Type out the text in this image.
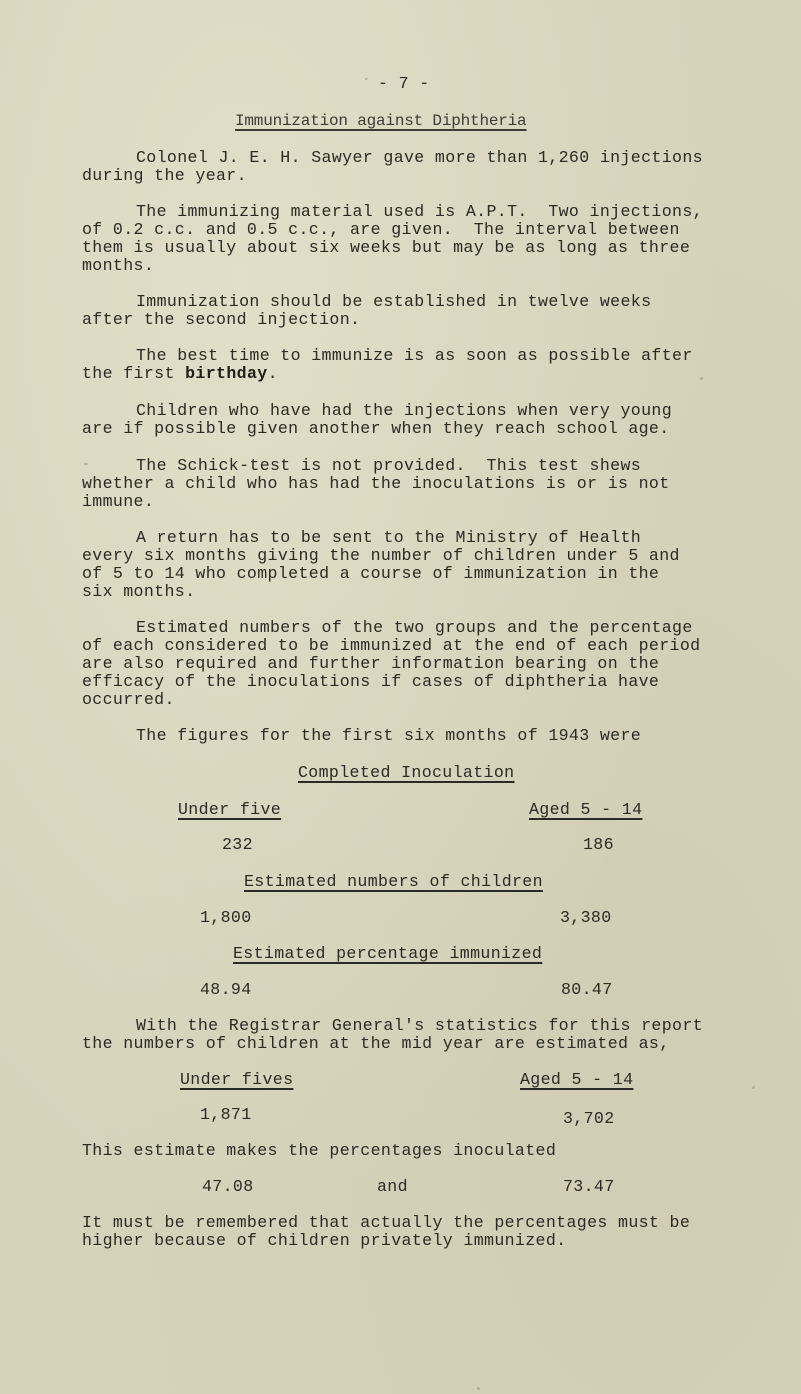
- 7 -
Immunization against Diphtheria
Colonel J. E. H. Sawyer gave more than 1,260 injections
during the year.
The immunizing material used is A.P.T.  Two injections,
of 0.2 c.c. and 0.5 c.c., are given.  The interval between
them is usually about six weeks but may be as long as three
months.
Immunization should be established in twelve weeks
after the second injection.
The best time to immunize is as soon as possible after
the first birthday.
Children who have had the injections when very young
are if possible given another when they reach school age.
The Schick-test is not provided.  This test shews
whether a child who has had the inoculations is or is not
immune.
A return has to be sent to the Ministry of Health
every six months giving the number of children under 5 and
of 5 to 14 who completed a course of immunization in the
six months.
Estimated numbers of the two groups and the percentage
of each considered to be immunized at the end of each period
are also required and further information bearing on the
efficacy of the inoculations if cases of diphtheria have
occurred.
The figures for the first six months of 1943 were
Completed Inoculation
Under five	Aged 5 - 14
232	186
Estimated numbers of children
1,800	3,380
Estimated percentage immunized
48.94	80.47
With the Registrar General's statistics for this report
the numbers of children at the mid year are estimated as,
Under fives	Aged 5 - 14
1,871	3,702
This estimate makes the percentages inoculated
47.08	and	73.47
It must be remembered that actually the percentages must be
higher because of children privately immunized.
